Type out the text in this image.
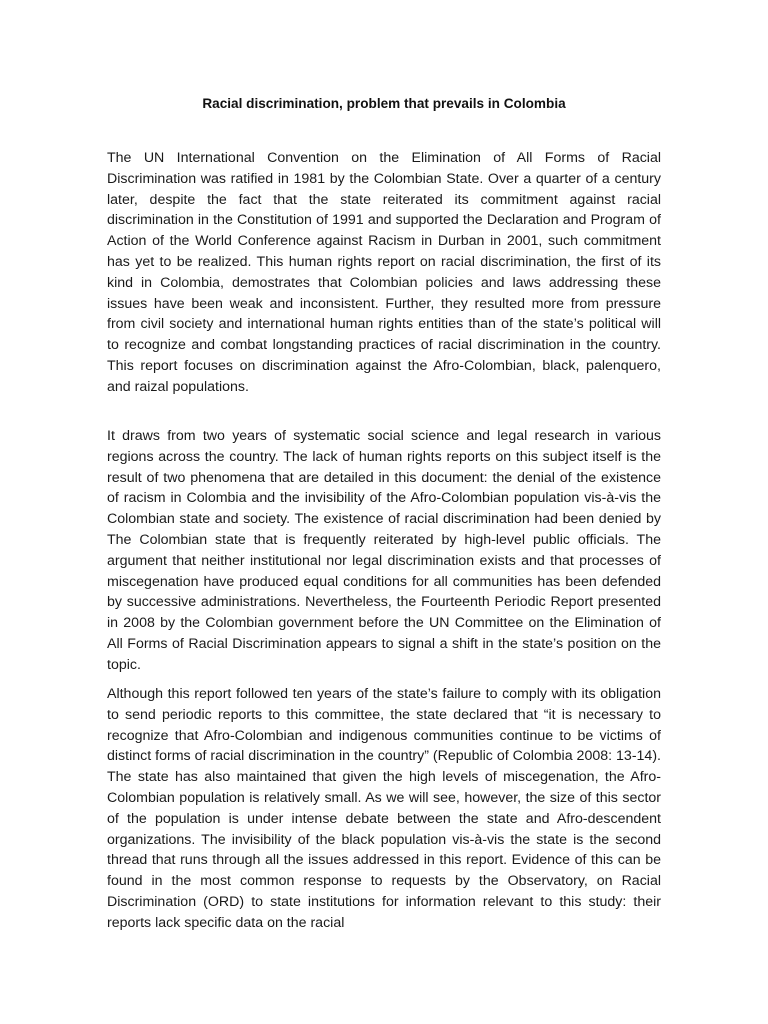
Racial discrimination, problem that prevails in Colombia

The UN International Convention on the Elimination of All Forms of Racial Discrimination was ratified in 1981 by the Colombian State. Over a quarter of a century later, despite the fact that the state reiterated its commitment against racial discrimination in the Constitution of 1991 and supported the Declaration and Program of Action of the World Conference against Racism in Durban in 2001, such commitment has yet to be realized. This human rights report on racial discrimination, the first of its kind in Colombia, demostrates that Colombian policies and laws addressing these issues have been weak and inconsistent. Further, they resulted more from pressure from civil society and international human rights entities than of the state’s political will to recognize and combat longstanding practices of racial discrimination in the country. This report focuses on discrimination against the Afro-Colombian, black, palenquero, and raizal populations.

It draws from two years of systematic social science and legal research in various regions across the country. The lack of human rights reports on this subject itself is the result of two phenomena that are detailed in this document: the denial of the existence of racism in Colombia and the invisibility of the Afro-Colombian population vis-à-vis the Colombian state and society. The existence of racial discrimination had been denied by The Colombian state that is frequently reiterated by high-level public officials. The argument that neither institutional nor legal discrimination exists and that processes of miscegenation have produced equal conditions for all communities has been defended by successive administrations. Nevertheless, the Fourteenth Periodic Report presented in 2008 by the Colombian government before the UN Committee on the Elimination of All Forms of Racial Discrimination appears to signal a shift in the state’s position on the topic.

Although this report followed ten years of the state’s failure to comply with its obligation to send periodic reports to this committee, the state declared that “it is necessary to recognize that Afro-Colombian and indigenous communities continue to be victims of distinct forms of racial discrimination in the country” (Republic of Colombia 2008: 13-14). The state has also maintained that given the high levels of miscegenation, the Afro-Colombian population is relatively small. As we will see, however, the size of this sector of the population is under intense debate between the state and Afro-descendent organizations. The invisibility of the black population vis-à-vis the state is the second thread that runs through all the issues addressed in this report. Evidence of this can be found in the most common response to requests by the Observatory, on Racial Discrimination (ORD) to state institutions for information relevant to this study: their reports lack specific data on the racial
